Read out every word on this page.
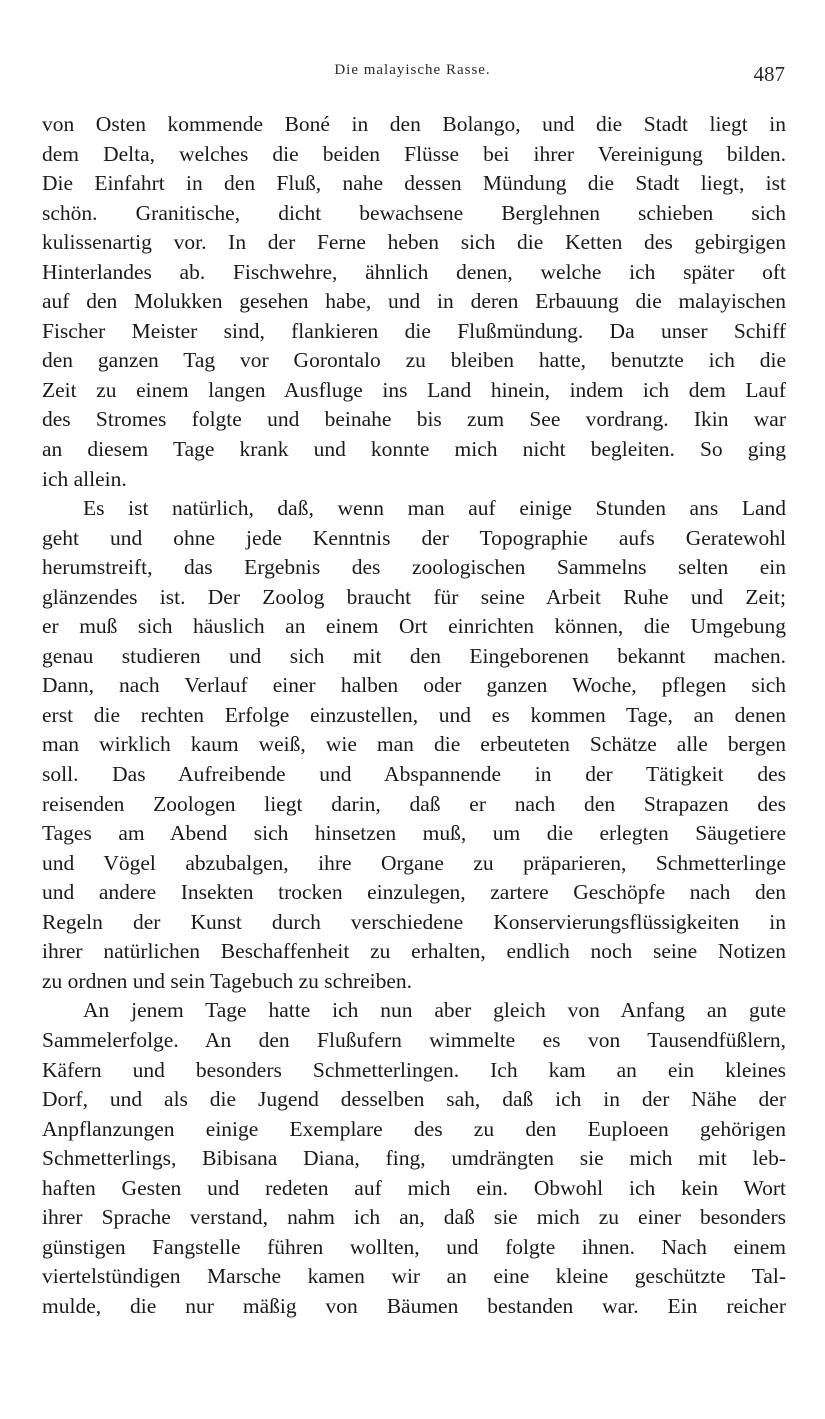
Die malayische Rasse.	487
von Osten kommende Boné in den Bolango, und die Stadt liegt in
dem Delta, welches die beiden Flüsse bei ihrer Vereinigung bilden.
Die Einfahrt in den Fluß, nahe dessen Mündung die Stadt liegt, ist
schön. Granitische, dicht bewachsene Berglehnen schieben sich
kulissenartig vor. In der Ferne heben sich die Ketten des gebirgigen
Hinterlandes ab. Fischwehre, ähnlich denen, welche ich später oft
auf den Molukken gesehen habe, und in deren Erbauung die malayischen
Fischer Meister sind, flankieren die Flußmündung. Da unser Schiff
den ganzen Tag vor Gorontalo zu bleiben hatte, benutzte ich die
Zeit zu einem langen Ausfluge ins Land hinein, indem ich dem Lauf
des Stromes folgte und beinahe bis zum See vordrang. Ikin war
an diesem Tage krank und konnte mich nicht begleiten. So ging
ich allein.
Es ist natürlich, daß, wenn man auf einige Stunden ans Land
geht und ohne jede Kenntnis der Topographie aufs Geratewohl
herumstreift, das Ergebnis des zoologischen Sammelns selten ein
glänzendes ist. Der Zoolog braucht für seine Arbeit Ruhe und Zeit;
er muß sich häuslich an einem Ort einrichten können, die Umgebung
genau studieren und sich mit den Eingeborenen bekannt machen.
Dann, nach Verlauf einer halben oder ganzen Woche, pflegen sich
erst die rechten Erfolge einzustellen, und es kommen Tage, an denen
man wirklich kaum weiß, wie man die erbeuteten Schätze alle bergen
soll. Das Aufreibende und Abspannende in der Tätigkeit des
reisenden Zoologen liegt darin, daß er nach den Strapazen des
Tages am Abend sich hinsetzen muß, um die erlegten Säugetiere
und Vögel abzubalgen, ihre Organe zu präparieren, Schmetterlinge
und andere Insekten trocken einzulegen, zartere Geschöpfe nach den
Regeln der Kunst durch verschiedene Konservierungsflüssigkeiten in
ihrer natürlichen Beschaffenheit zu erhalten, endlich noch seine Notizen
zu ordnen und sein Tagebuch zu schreiben.
An jenem Tage hatte ich nun aber gleich von Anfang an gute
Sammelerfolge. An den Flußufern wimmelte es von Tausendfüßlern,
Käfern und besonders Schmetterlingen. Ich kam an ein kleines
Dorf, und als die Jugend desselben sah, daß ich in der Nähe der
Anpflanzungen einige Exemplare des zu den Euploeen gehörigen
Schmetterlings, Bibisana Diana, fing, umdrängten sie mich mit leb-
haften Gesten und redeten auf mich ein. Obwohl ich kein Wort
ihrer Sprache verstand, nahm ich an, daß sie mich zu einer besonders
günstigen Fangstelle führen wollten, und folgte ihnen. Nach einem
viertelstündigen Marsche kamen wir an eine kleine geschützte Tal-
mulde, die nur mäßig von Bäumen bestanden war. Ein reicher
